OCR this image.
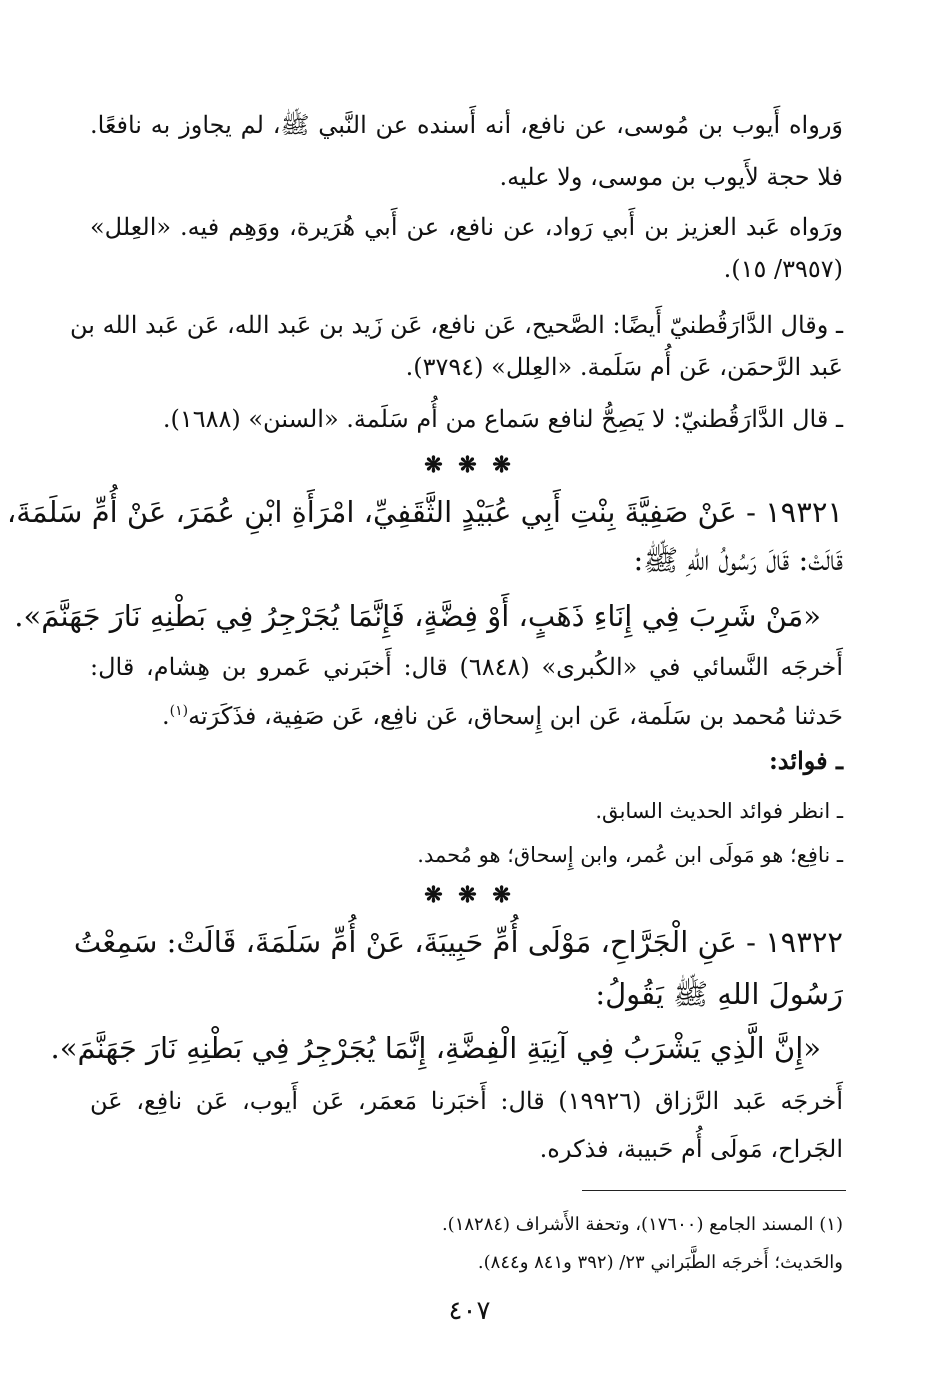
وَرواه أَيوب بن مُوسى، عن نافع، أنه أَسنده عن النَّبي ﷺ، لم يجاوز به نافعًا.
فلا حجة لأَيوب بن موسى، ولا عليه.
ورَواه عَبد العزيز بن أَبي رَواد، عن نافع، عن أَبي هُرَيرة، ووَهِم فيه. «العِلل»
(٣٩٥٧/ ١٥).
ـ وقال الدَّارَقُطنيّ أَيضًا: الصَّحيح، عَن نافع، عَن زَيد بن عَبد الله، عَن عَبد الله بن
عَبد الرَّحمَن، عَن أُم سَلَمة. «العِلل» (٣٧٩٤).
ـ قال الدَّارَقُطنيّ: لا يَصِحُّ لنافع سَماع من أُم سَلَمة. «السنن» (١٦٨٨).
❋ ❋ ❋
١٩٣٢١ - عَنْ صَفِيَّةَ بِنْتِ أَبِي عُبَيْدٍ الثَّقَفِيِّ، امْرَأَةِ ابْنِ عُمَرَ، عَنْ أُمِّ سَلَمَةَ،
قَالَتْ: قَالَ رَسُولُ اللهِ ﷺ:
«مَنْ شَرِبَ فِي إِنَاءِ ذَهَبٍ، أَوْ فِضَّةٍ، فَإِنَّمَا يُجَرْجِرُ فِي بَطْنِهِ نَارَ جَهَنَّمَ».
أَخرجَه النَّسائي في «الكُبرى» (٦٨٤٨) قال: أَخبَرني عَمرو بن هِشام، قال:
حَدثنا مُحمد بن سَلَمة، عَن ابن إِسحاق، عَن نافِع، عَن صَفِية، فذَكَرَته$^{(١)}$.
ـ فوائد:
ـ انظر فوائد الحديث السابق.
ـ نافِع؛ هو مَولَى ابن عُمر، وابن إِسحاق؛ هو مُحمد.
❋ ❋ ❋
١٩٣٢٢ - عَنِ الْجَرَّاحِ، مَوْلَى أُمِّ حَبِيبَةَ، عَنْ أُمِّ سَلَمَةَ، قَالَتْ: سَمِعْتُ
رَسُولَ اللهِ ﷺ يَقُولُ:
«إِنَّ الَّذِي يَشْرَبُ فِي آنِيَةِ الْفِضَّةِ، إِنَّمَا يُجَرْجِرُ فِي بَطْنِهِ نَارَ جَهَنَّمَ».
أَخرجَه عَبد الرَّزاق (١٩٩٢٦) قال: أَخبَرنا مَعمَر، عَن أَيوب، عَن نافِع، عَن
الجَراح، مَولَى أُم حَبيبة، فذكره.
(١) المسند الجامع (١٧٦٠٠)، وتحفة الأَشراف (١٨٢٨٤).
والحَديث؛ أَخرجَه الطَّبَراني ٢٣/ (٣٩٢ و٨٤١ و٨٤٤).
٤٠٧
